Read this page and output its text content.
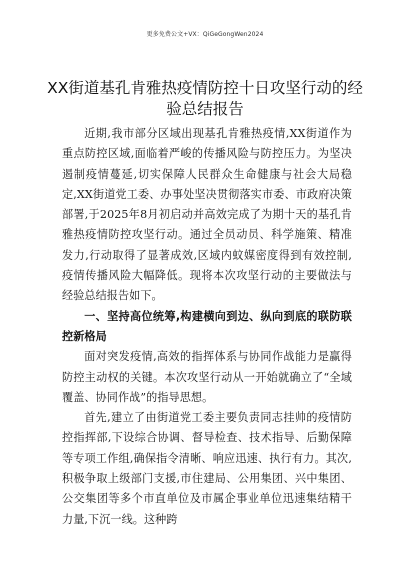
更多免费公文+VX：QiGeGongWen2024
XX街道基孔肯雅热疫情防控十日攻坚行动的经验总结报告

近期,我市部分区域出现基孔肯雅热疫情,XX街道作为重点防控区域,面临着严峻的传播风险与防控压力。为坚决遏制疫情蔓延,切实保障人民群众生命健康与社会大局稳定,XX街道党工委、办事处坚决贯彻落实市委、市政府决策部署,于2025年8月初启动并高效完成了为期十天的基孔肯雅热疫情防控攻坚行动。通过全员动员、科学施策、精准发力,行动取得了显著成效,区域内蚊媒密度得到有效控制,疫情传播风险大幅降低。现将本次攻坚行动的主要做法与经验总结报告如下。

一、坚持高位统筹,构建横向到边、纵向到底的联防联控新格局

面对突发疫情,高效的指挥体系与协同作战能力是赢得防控主动权的关键。本次攻坚行动从一开始就确立了“全域覆盖、协同作战”的指导思想。

首先,建立了由街道党工委主要负责同志挂帅的疫情防控指挥部,下设综合协调、督导检查、技术指导、后勤保障等专项工作组,确保指令清晰、响应迅速、执行有力。其次,积极争取上级部门支援,市住建局、公用集团、兴中集团、公交集团等多个市直单位及市属企事业单位迅速集结精干力量,下沉一线。这种跨
